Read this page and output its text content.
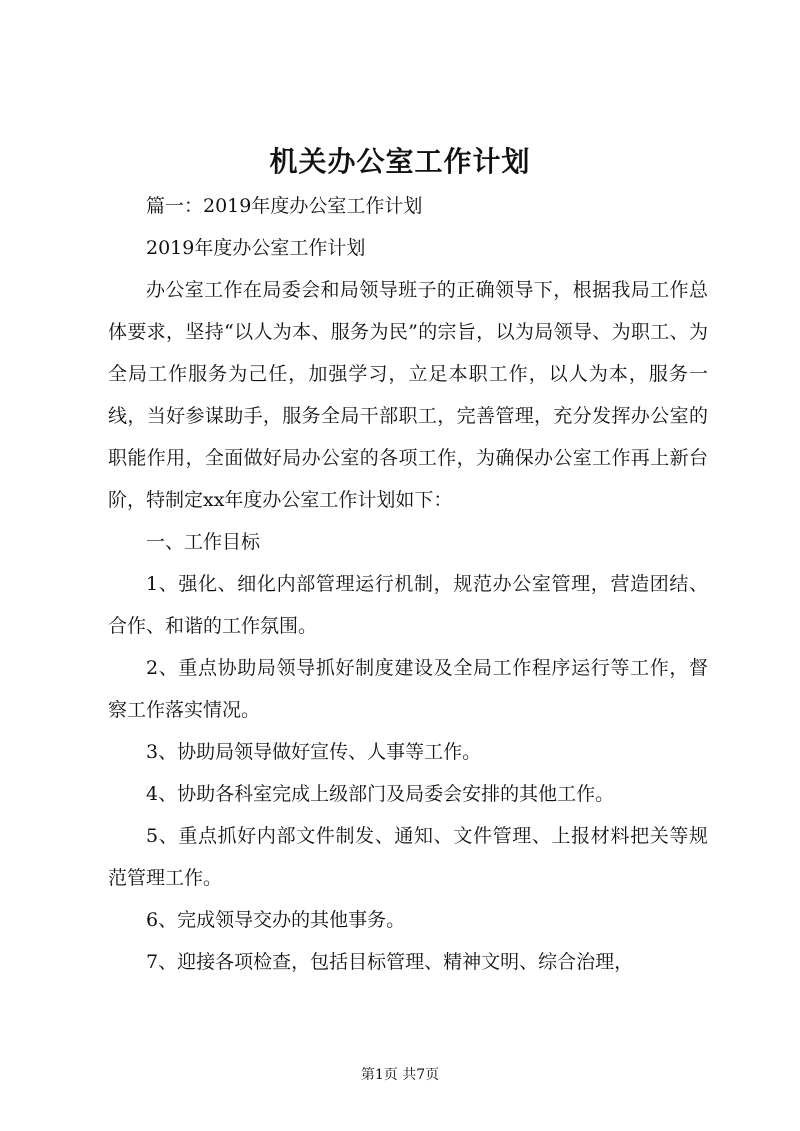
机关办公室工作计划

篇一：2019年度办公室工作计划

2019年度办公室工作计划

办公室工作在局委会和局领导班子的正确领导下，根据我局工作总体要求，坚持“以人为本、服务为民”的宗旨，以为局领导、为职工、为全局工作服务为己任，加强学习，立足本职工作，以人为本，服务一线，当好参谋助手，服务全局干部职工，完善管理，充分发挥办公室的职能作用，全面做好局办公室的各项工作，为确保办公室工作再上新台阶，特制定xx年度办公室工作计划如下：

一、工作目标

1、强化、细化内部管理运行机制，规范办公室管理，营造团结、合作、和谐的工作氛围。

2、重点协助局领导抓好制度建设及全局工作程序运行等工作，督察工作落实情况。

3、协助局领导做好宣传、人事等工作。

4、协助各科室完成上级部门及局委会安排的其他工作。

5、重点抓好内部文件制发、通知、文件管理、上报材料把关等规范管理工作。

6、完成领导交办的其他事务。

7、迎接各项检查，包括目标管理、精神文明、综合治理，

第1页 共7页
